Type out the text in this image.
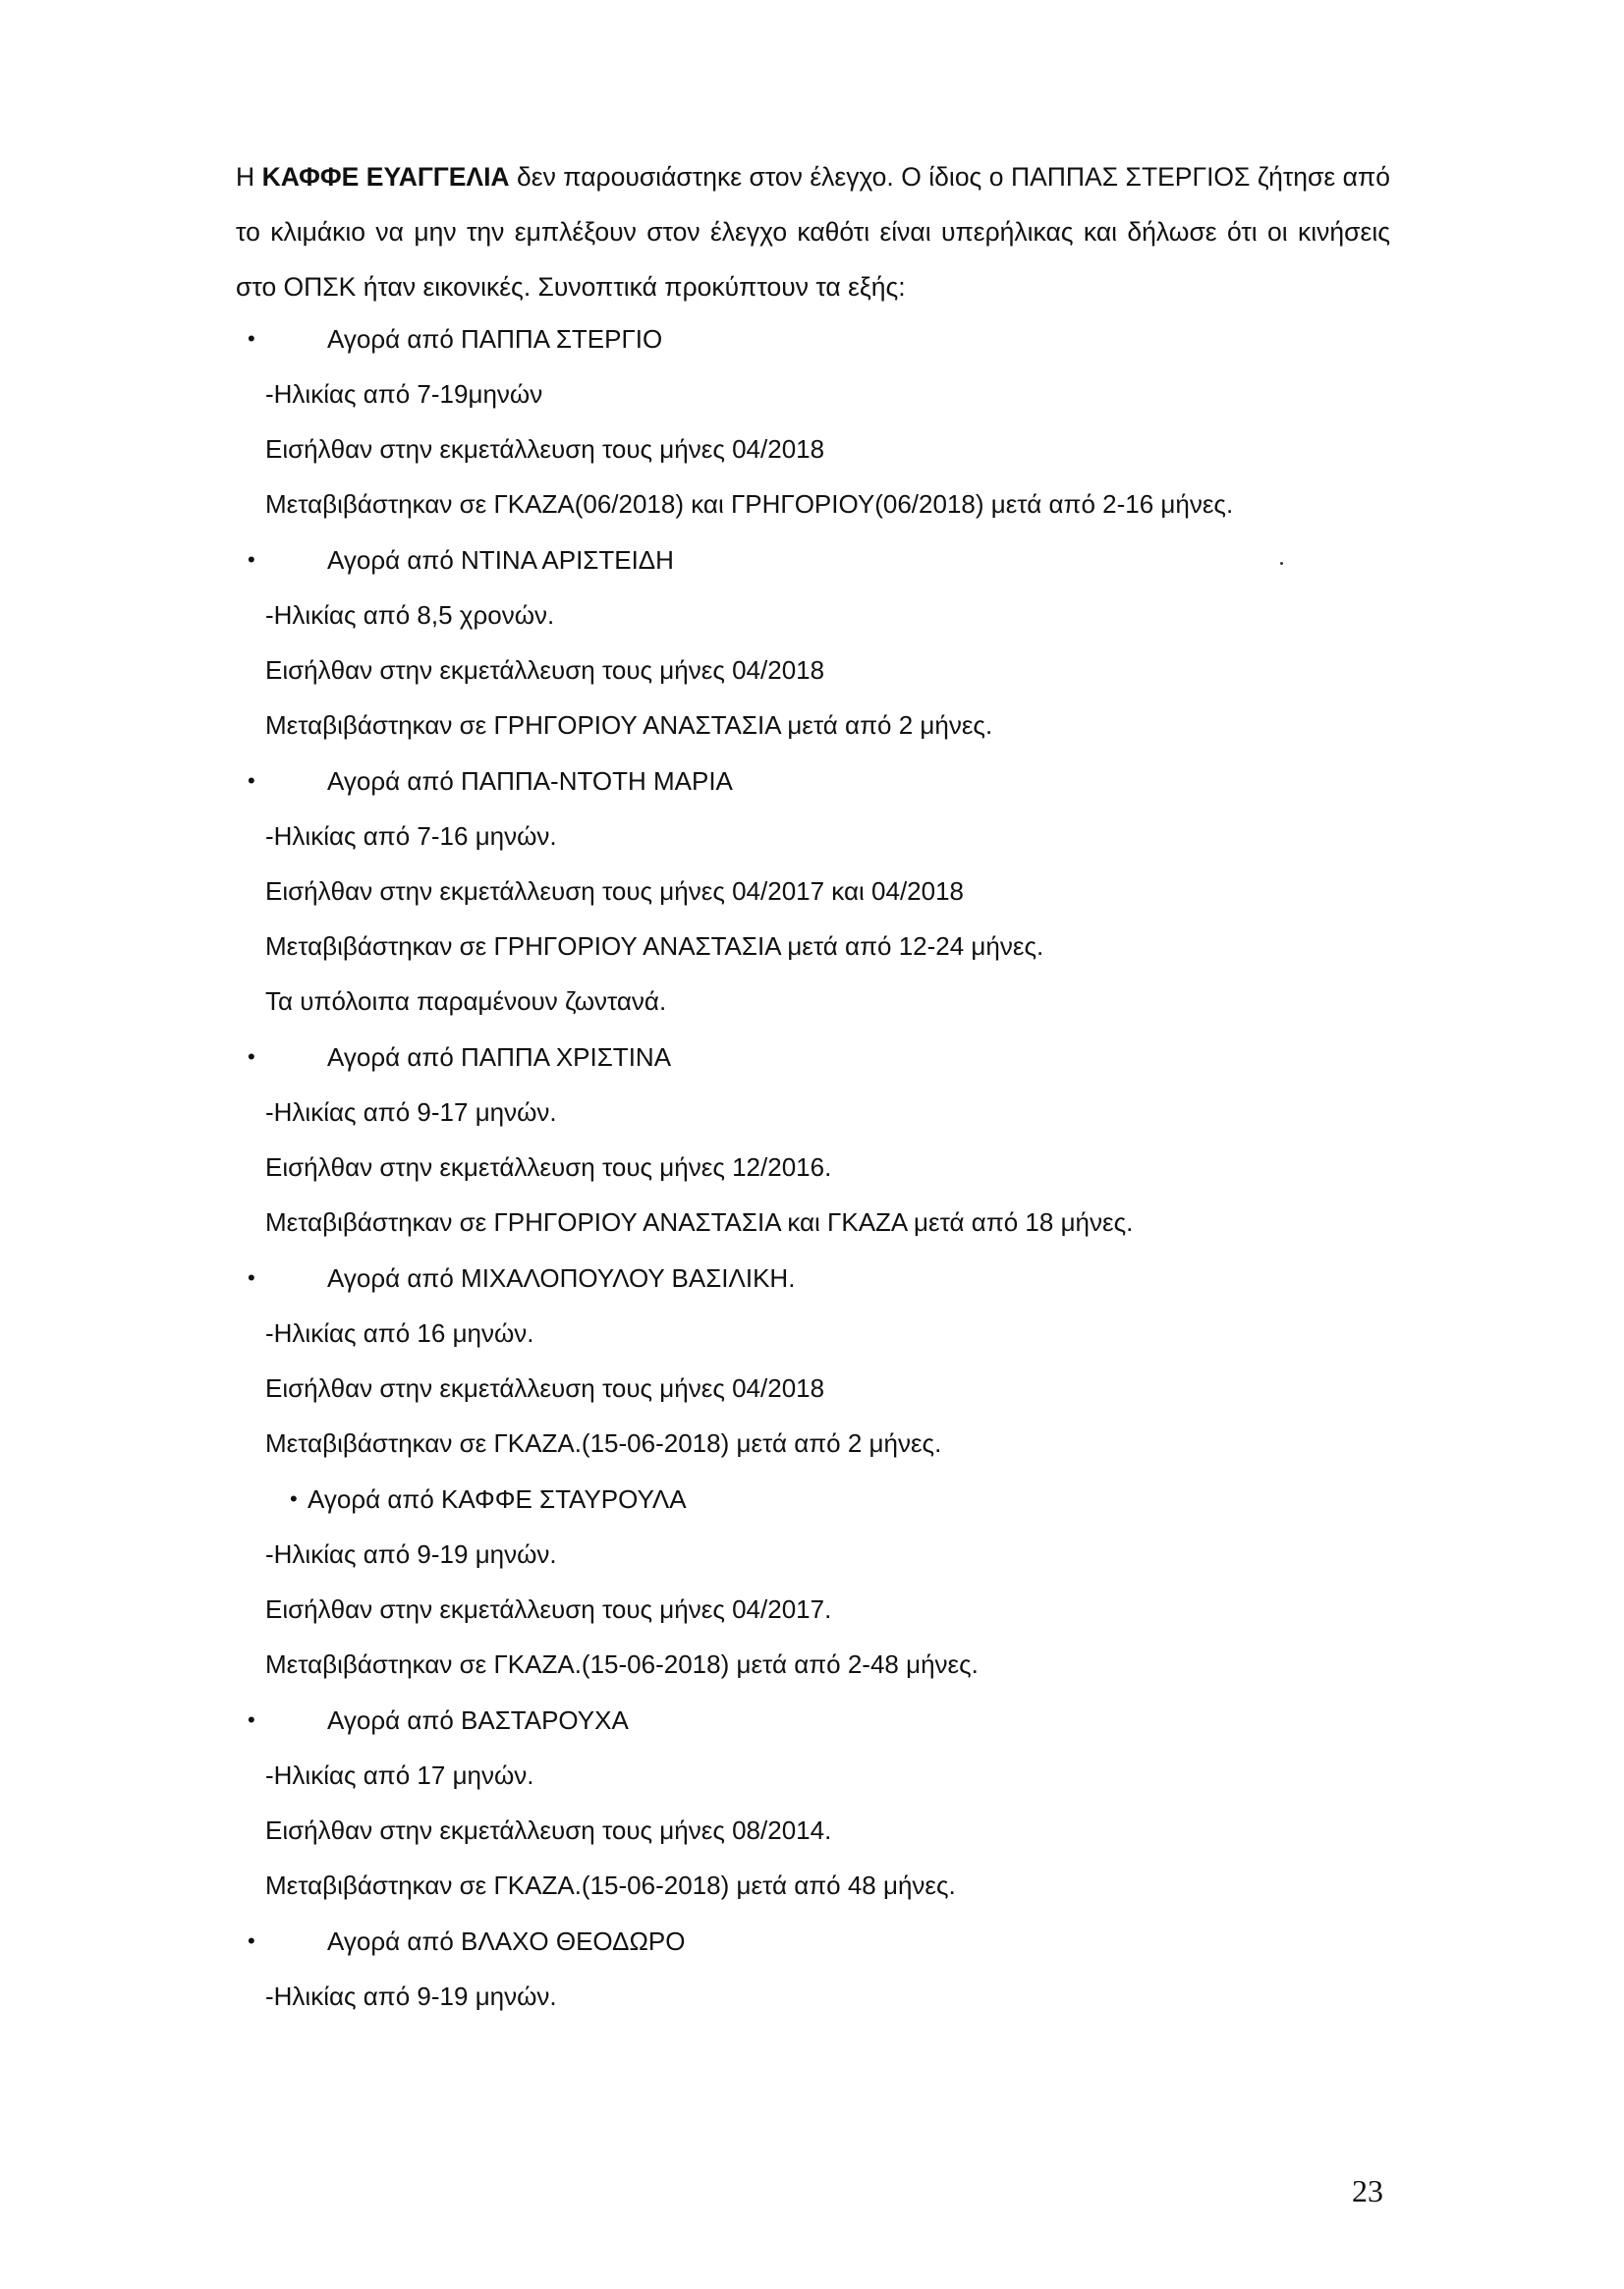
Η ΚΑΦΦΕ ΕΥΑΓΓΕΛΙΑ δεν παρουσιάστηκε στον έλεγχο. Ο ίδιος ο ΠΑΠΠΑΣ ΣΤΕΡΓΙΟΣ ζήτησε από το κλιμάκιο να μην την εμπλέξουν στον έλεγχο καθότι είναι υπερήλικας και δήλωσε ότι οι κινήσεις στο ΟΠΣΚ ήταν εικονικές. Συνοπτικά προκύπτουν τα εξής:

•	Αγορά από ΠΑΠΠΑ ΣΤΕΡΓΙΟ
-Ηλικίας από 7-19μηνών
Εισήλθαν στην εκμετάλλευση τους μήνες 04/2018
Μεταβιβάστηκαν σε ΓΚΑΖΑ(06/2018) και ΓΡΗΓΟΡΙΟΥ(06/2018) μετά από 2-16 μήνες.
•	Αγορά από ΝΤΙΝΑ ΑΡΙΣΤΕΙΔΗ
-Ηλικίας από 8,5 χρονών.
Εισήλθαν στην εκμετάλλευση τους μήνες 04/2018
Μεταβιβάστηκαν σε ΓΡΗΓΟΡΙΟΥ ΑΝΑΣΤΑΣΙΑ μετά από 2 μήνες.
•	Αγορά από ΠΑΠΠΑ-ΝΤΟΤΗ ΜΑΡΙΑ
-Ηλικίας από 7-16 μηνών.
Εισήλθαν στην εκμετάλλευση τους μήνες 04/2017 και 04/2018
Μεταβιβάστηκαν σε ΓΡΗΓΟΡΙΟΥ ΑΝΑΣΤΑΣΙΑ μετά από 12-24 μήνες.
Τα υπόλοιπα παραμένουν ζωντανά.
•	Αγορά από ΠΑΠΠΑ ΧΡΙΣΤΙΝΑ
-Ηλικίας από 9-17 μηνών.
Εισήλθαν στην εκμετάλλευση τους μήνες 12/2016.
Μεταβιβάστηκαν σε ΓΡΗΓΟΡΙΟΥ ΑΝΑΣΤΑΣΙΑ και ΓΚΑΖΑ μετά από 18 μήνες.
•	Αγορά από ΜΙΧΑΛΟΠΟΥΛΟΥ ΒΑΣΙΛΙΚΗ.
-Ηλικίας από 16 μηνών.
Εισήλθαν στην εκμετάλλευση τους μήνες 04/2018
Μεταβιβάστηκαν σε ΓΚΑΖΑ.(15-06-2018) μετά από 2 μήνες.
• Αγορά από ΚΑΦΦΕ ΣΤΑΥΡΟΥΛΑ
-Ηλικίας από 9-19 μηνών.
Εισήλθαν στην εκμετάλλευση τους μήνες 04/2017.
Μεταβιβάστηκαν σε ΓΚΑΖΑ.(15-06-2018) μετά από 2-48 μήνες.
•	Αγορά από ΒΑΣΤΑΡΟΥΧΑ
-Ηλικίας από 17 μηνών.
Εισήλθαν στην εκμετάλλευση τους μήνες 08/2014.
Μεταβιβάστηκαν σε ΓΚΑΖΑ.(15-06-2018) μετά από 48 μήνες.
•	Αγορά από ΒΛΑΧΟ ΘΕΟΔΩΡΟ
-Ηλικίας από 9-19 μηνών.
23
